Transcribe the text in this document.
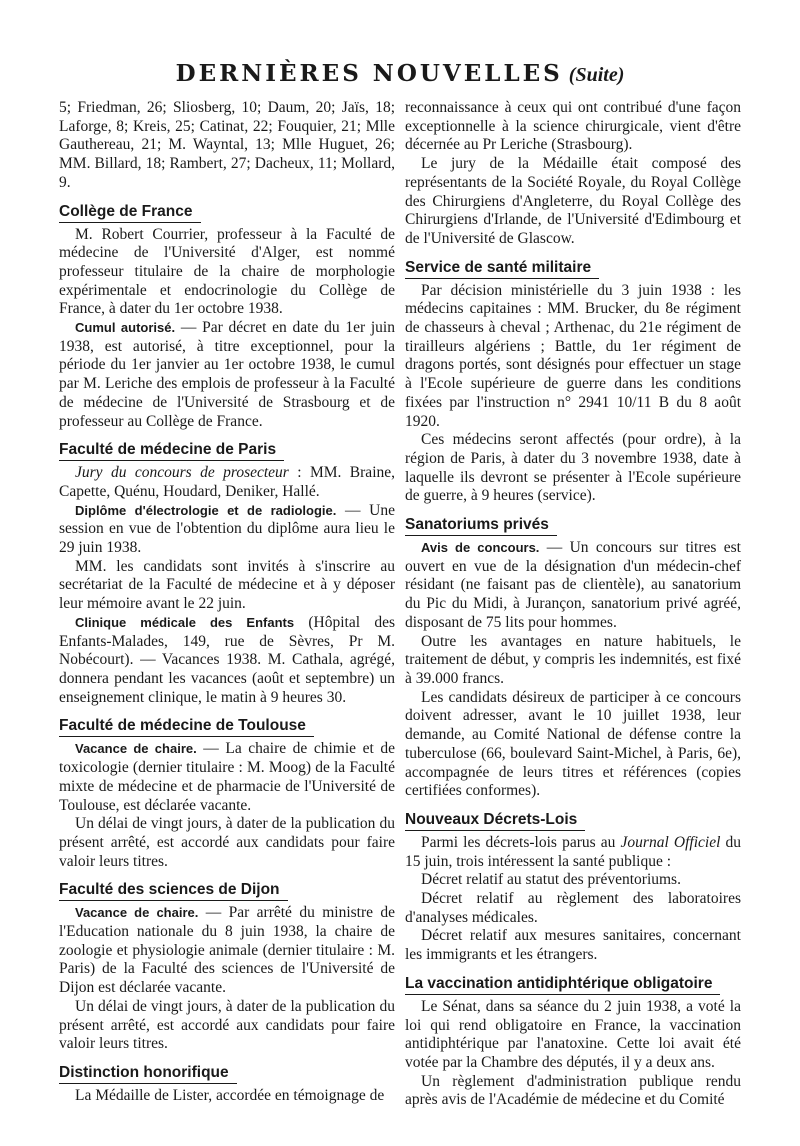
DERNIÈRES NOUVELLES (Suite)

5; Friedman, 26; Sliosberg, 10; Daum, 20; Jaïs, 18; Laforge, 8; Kreis, 25; Catinat, 22; Fouquier, 21; Mlle Gauthereau, 21; M. Wayntal, 13; Mlle Huguet, 26; MM. Billard, 18; Rambert, 27; Dacheux, 11; Mollard, 9.

Collège de France

M. Robert Courrier, professeur à la Faculté de médecine de l'Université d'Alger, est nommé professeur titulaire de la chaire de morphologie expérimentale et endocrinologie du Collège de France, à dater du 1er octobre 1938.

Cumul autorisé. — Par décret en date du 1er juin 1938, est autorisé, à titre exceptionnel, pour la période du 1er janvier au 1er octobre 1938, le cumul par M. Leriche des emplois de professeur à la Faculté de médecine de l'Université de Strasbourg et de professeur au Collège de France.

Faculté de médecine de Paris

Jury du concours de prosecteur : MM. Braine, Capette, Quénu, Houdard, Deniker, Hallé.

Diplôme d'électrologie et de radiologie. — Une session en vue de l'obtention du diplôme aura lieu le 29 juin 1938.

MM. les candidats sont invités à s'inscrire au secrétariat de la Faculté de médecine et à y déposer leur mémoire avant le 22 juin.

Clinique médicale des Enfants (Hôpital des Enfants-Malades, 149, rue de Sèvres, Pr M. Nobécourt). — Vacances 1938. M. Cathala, agrégé, donnera pendant les vacances (août et septembre) un enseignement clinique, le matin à 9 heures 30.

Faculté de médecine de Toulouse

Vacance de chaire. — La chaire de chimie et de toxicologie (dernier titulaire : M. Moog) de la Faculté mixte de médecine et de pharmacie de l'Université de Toulouse, est déclarée vacante.

Un délai de vingt jours, à dater de la publication du présent arrêté, est accordé aux candidats pour faire valoir leurs titres.

Faculté des sciences de Dijon

Vacance de chaire. — Par arrêté du ministre de l'Education nationale du 8 juin 1938, la chaire de zoologie et physiologie animale (dernier titulaire : M. Paris) de la Faculté des sciences de l'Université de Dijon est déclarée vacante.

Un délai de vingt jours, à dater de la publication du présent arrêté, est accordé aux candidats pour faire valoir leurs titres.

Distinction honorifique

La Médaille de Lister, accordée en témoignage de

reconnaissance à ceux qui ont contribué d'une façon exceptionnelle à la science chirurgicale, vient d'être décernée au Pr Leriche (Strasbourg).

Le jury de la Médaille était composé des représentants de la Société Royale, du Royal Collège des Chirurgiens d'Angleterre, du Royal Collège des Chirurgiens d'Irlande, de l'Université d'Edimbourg et de l'Université de Glascow.

Service de santé militaire

Par décision ministérielle du 3 juin 1938 : les médecins capitaines : MM. Brucker, du 8e régiment de chasseurs à cheval ; Arthenac, du 21e régiment de tirailleurs algériens ; Battle, du 1er régiment de dragons portés, sont désignés pour effectuer un stage à l'Ecole supérieure de guerre dans les conditions fixées par l'instruction n° 2941 10/11 B du 8 août 1920.

Ces médecins seront affectés (pour ordre), à la région de Paris, à dater du 3 novembre 1938, date à laquelle ils devront se présenter à l'Ecole supérieure de guerre, à 9 heures (service).

Sanatoriums privés

Avis de concours. — Un concours sur titres est ouvert en vue de la désignation d'un médecin-chef résidant (ne faisant pas de clientèle), au sanatorium du Pic du Midi, à Jurançon, sanatorium privé agréé, disposant de 75 lits pour hommes.

Outre les avantages en nature habituels, le traitement de début, y compris les indemnités, est fixé à 39.000 francs.

Les candidats désireux de participer à ce concours doivent adresser, avant le 10 juillet 1938, leur demande, au Comité National de défense contre la tuberculose (66, boulevard Saint-Michel, à Paris, 6e), accompagnée de leurs titres et références (copies certifiées conformes).

Nouveaux Décrets-Lois

Parmi les décrets-lois parus au Journal Officiel du 15 juin, trois intéressent la santé publique :

Décret relatif au statut des préventoriums.

Décret relatif au règlement des laboratoires d'analyses médicales.

Décret relatif aux mesures sanitaires, concernant les immigrants et les étrangers.

La vaccination antidiphtérique obligatoire

Le Sénat, dans sa séance du 2 juin 1938, a voté la loi qui rend obligatoire en France, la vaccination antidiphtérique par l'anatoxine. Cette loi avait été votée par la Chambre des députés, il y a deux ans.

Un règlement d'administration publique rendu après avis de l'Académie de médecine et du Comité
